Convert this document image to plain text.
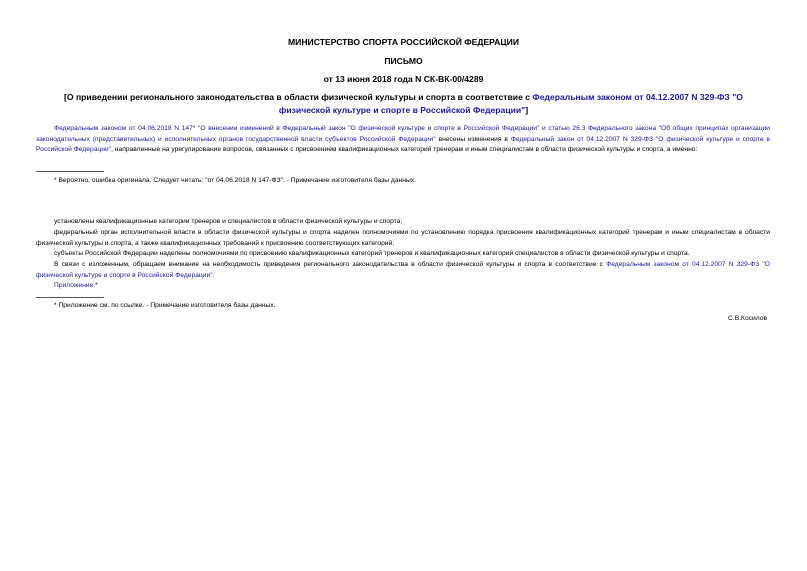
МИНИСТЕРСТВО СПОРТА РОССИЙСКОЙ ФЕДЕРАЦИИ
ПИСЬМО
от 13 июня 2018 года N СК-ВК-00/4289
[О приведении регионального законодательства в области физической культуры и спорта в соответствие с Федеральным законом от 04.12.2007 N 329-ФЗ "О физической культуре и спорте в Российской Федерации"]
Федеральным законом от 04.06.2018 N 147* "О внесении изменений в Федеральный закон "О физической культуре и спорте в Российской Федерации" и статью 26.3 Федерального закона "Об общих принципах организации законодательных (представительных) и исполнительных органов государственной власти субъектов Российской Федерации" внесены изменения в Федеральный закон от 04.12.2007 N 329-ФЗ "О физической культуре и спорте в Российской Федерации", направленные на урегулирование вопросов, связанных с присвоением квалификационных категорий тренерам и иным специалистам в области физической культуры и спорта, а именно:
* Вероятно, ошибка оригинала. Следует читать: "от 04.06.2018 N 147-ФЗ". - Примечание изготовителя базы данных.
установлены квалификационные категории тренеров и специалистов в области физической культуры и спорта;
федеральный орган исполнительной власти в области физической культуры и спорта наделен полномочиями по установлению порядка присвоения квалификационных категорий тренерам и иным специалистам в области физической культуры и спорта, а также квалификационных требований к присвоению соответствующих категорий;
субъекты Российской Федерации наделены полномочиями по присвоению квалификационных категорий тренеров и квалификационных категорий специалистов в области физической культуры и спорта.
В связи с изложенным, обращаем внимание на необходимость приведения регионального законодательства в области физической культуры и спорта в соответствие с Федеральным законом от 04.12.2007 N 329-ФЗ "О физической культуре и спорте в Российской Федерации".
Приложение.*
* Приложение см. по ссылке. - Примечание изготовителя базы данных.
С.В.Косилов
